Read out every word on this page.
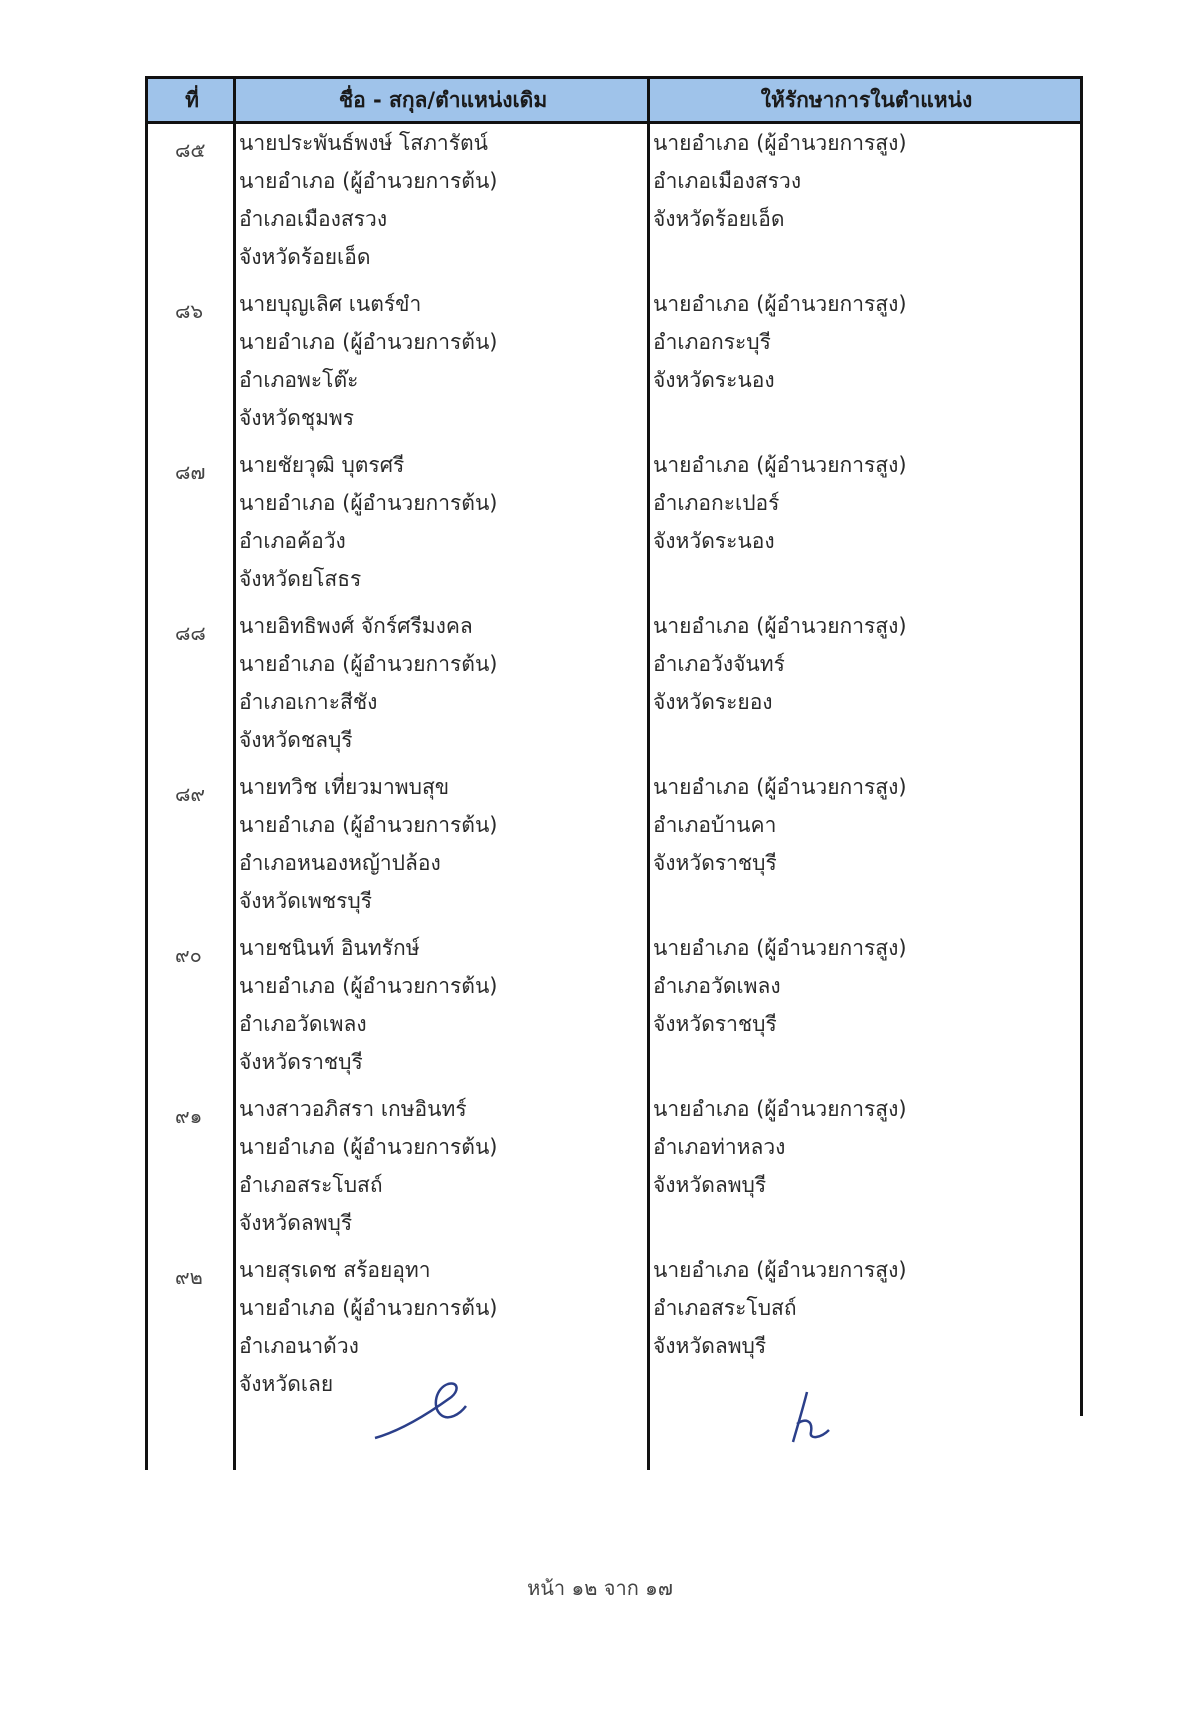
ที่	ชื่อ - สกุล/ตำแหน่งเดิม	ให้รักษาการในตำแหน่ง
๘๕ นายประพันธ์พงษ์ โสภารัตน์
นายอำเภอ (ผู้อำนวยการต้น)
อำเภอเมืองสรวง
จังหวัดร้อยเอ็ด
นายอำเภอ (ผู้อำนวยการสูง)
อำเภอเมืองสรวง
จังหวัดร้อยเอ็ด
๘๖ นายบุญเลิศ เนตร์ขำ
นายอำเภอ (ผู้อำนวยการต้น)
อำเภอพะโต๊ะ
จังหวัดชุมพร
นายอำเภอ (ผู้อำนวยการสูง)
อำเภอกระบุรี
จังหวัดระนอง
๘๗ นายชัยวุฒิ บุตรศรี
นายอำเภอ (ผู้อำนวยการต้น)
อำเภอค้อวัง
จังหวัดยโสธร
นายอำเภอ (ผู้อำนวยการสูง)
อำเภอกะเปอร์
จังหวัดระนอง
๘๘ นายอิทธิพงศ์ จักร์ศรีมงคล
นายอำเภอ (ผู้อำนวยการต้น)
อำเภอเกาะสีชัง
จังหวัดชลบุรี
นายอำเภอ (ผู้อำนวยการสูง)
อำเภอวังจันทร์
จังหวัดระยอง
๘๙ นายทวิช เที่ยวมาพบสุข
นายอำเภอ (ผู้อำนวยการต้น)
อำเภอหนองหญ้าปล้อง
จังหวัดเพชรบุรี
นายอำเภอ (ผู้อำนวยการสูง)
อำเภอบ้านคา
จังหวัดราชบุรี
๙๐ นายชนินท์ อินทรักษ์
นายอำเภอ (ผู้อำนวยการต้น)
อำเภอวัดเพลง
จังหวัดราชบุรี
นายอำเภอ (ผู้อำนวยการสูง)
อำเภอวัดเพลง
จังหวัดราชบุรี
๙๑ นางสาวอภิสรา เกษอินทร์
นายอำเภอ (ผู้อำนวยการต้น)
อำเภอสระโบสถ์
จังหวัดลพบุรี
นายอำเภอ (ผู้อำนวยการสูง)
อำเภอท่าหลวง
จังหวัดลพบุรี
๙๒ นายสุรเดช สร้อยอุทา
นายอำเภอ (ผู้อำนวยการต้น)
อำเภอนาด้วง
จังหวัดเลย
นายอำเภอ (ผู้อำนวยการสูง)
อำเภอสระโบสถ์
จังหวัดลพบุรี
หน้า ๑๒ จาก ๑๗
